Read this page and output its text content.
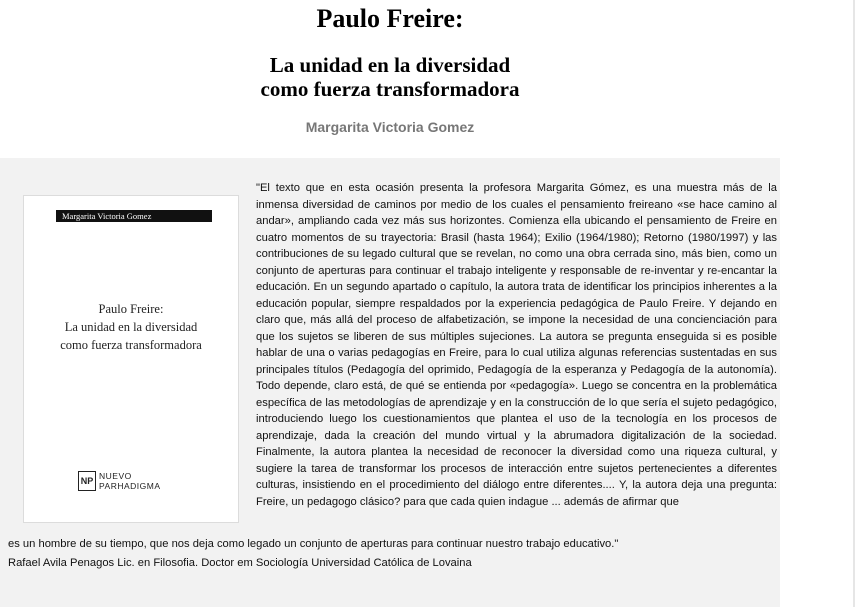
Paulo Freire:
La unidad en la diversidad
como fuerza transformadora
Margarita Victoria Gomez
Margarita Victoria Gomez
Paulo Freire:
La unidad en la diversidad
como fuerza transformadora
NP NUEVO
PARHADIGMA

"El texto que en esta ocasión presenta la profesora Margarita Gómez, es una muestra más de la inmensa diversidad de caminos por medio de los cuales el pensamiento freireano «se hace camino al andar», ampliando cada vez más sus horizontes. Comienza ella ubicando el pensamiento de Freire en cuatro momentos de su trayectoria: Brasil (hasta 1964); Exilio (1964/1980); Retorno (1980/1997) y las contribuciones de su legado cultural que se revelan, no como una obra cerrada sino, más bien, como un conjunto de aperturas para continuar el trabajo inteligente y responsable de re-inventar y re-encantar la educación. En un segundo apartado o capítulo, la autora trata de identificar los principios inherentes a la educación popular, siempre respaldados por la experiencia pedagógica de Paulo Freire. Y dejando en claro que, más allá del proceso de alfabetización, se impone la necesidad de una concienciación para que los sujetos se liberen de sus múltiples sujeciones. La autora se pregunta enseguida si es posible hablar de una o varias pedagogías en Freire, para lo cual utiliza algunas referencias sustentadas en sus principales títulos (Pedagogía del oprimido, Pedagogía de la esperanza y Pedagogía de la autonomía). Todo depende, claro está, de qué se entienda por «pedagogía». Luego se concentra en la problemática específica de las metodologías de aprendizaje y en la construcción de lo que sería el sujeto pedagógico, introduciendo luego los cuestionamientos que plantea el uso de la tecnología en los procesos de aprendizaje, dada la creación del mundo virtual y la abrumadora digitalización de la sociedad. Finalmente, la autora plantea la necesidad de reconocer la diversidad como una riqueza cultural, y sugiere la tarea de transformar los procesos de interacción entre sujetos pertenecientes a diferentes culturas, insistiendo en el procedimiento del diálogo entre diferentes.... Y, la autora deja una pregunta: Freire, un pedagogo clásico? para que cada quien indague ... además de afirmar que

es un hombre de su tiempo, que nos deja como legado un conjunto de aperturas para continuar nuestro trabajo educativo."

Rafael Avila Penagos Lic. en Filosofia. Doctor em Sociología Universidad Católica de Lovaina
